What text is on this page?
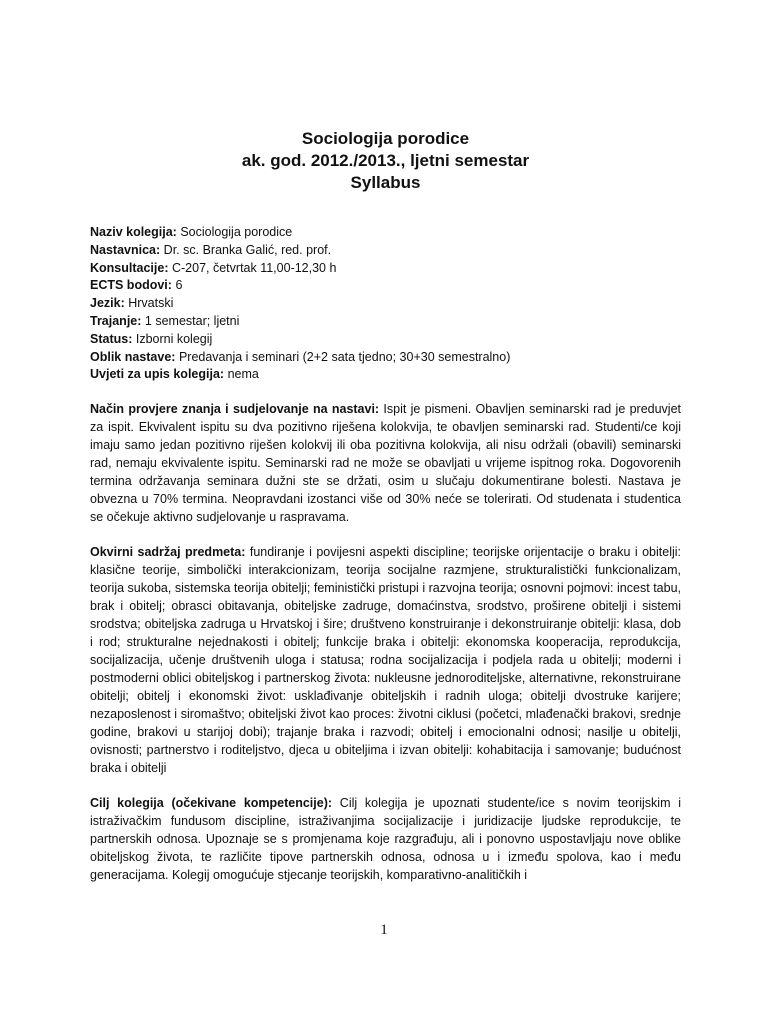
Sociologija porodice
ak. god. 2012./2013., ljetni semestar
Syllabus
Naziv kolegija: Sociologija porodice
Nastavnica: Dr. sc. Branka Galić, red. prof.
Konsultacije: C-207, četvrtak 11,00-12,30 h
ECTS bodovi: 6
Jezik: Hrvatski
Trajanje: 1 semestar; ljetni
Status: Izborni kolegij
Oblik nastave: Predavanja i seminari (2+2 sata tjedno; 30+30 semestralno)
Uvjeti za upis kolegija: nema

Način provjere znanja i sudjelovanje na nastavi: Ispit je pismeni. Obavljen seminarski rad je preduvjet za ispit. Ekvivalent ispitu su dva pozitivno riješena kolokvija, te obavljen seminarski rad. Studenti/ce koji imaju samo jedan pozitivno riješen kolokvij ili oba pozitivna kolokvija, ali nisu održali (obavili) seminarski rad, nemaju ekvivalente ispitu. Seminarski rad ne može se obavljati u vrijeme ispitnog roka. Dogovorenih termina održavanja seminara dužni ste se držati, osim u slučaju dokumentirane bolesti. Nastava je obvezna u 70% termina. Neopravdani izostanci više od 30% neće se tolerirati. Od studenata i studentica se očekuje aktivno sudjelovanje u raspravama.

Okvirni sadržaj predmeta: fundiranje i povijesni aspekti discipline; teorijske orijentacije o braku i obitelji: klasične teorije, simbolički interakcionizam, teorija socijalne razmjene, strukturalistički funkcionalizam, teorija sukoba, sistemska teorija obitelji; feministički pristupi i razvojna teorija; osnovni pojmovi: incest tabu, brak i obitelj; obrasci obitavanja, obiteljske zadruge, domaćinstva, srodstvo, proširene obitelji i sistemi srodstva; obiteljska zadruga u Hrvatskoj i šire; društveno konstruiranje i dekonstruiranje obitelji: klasa, dob i rod; strukturalne nejednakosti i obitelj; funkcije braka i obitelji: ekonomska kooperacija, reprodukcija, socijalizacija, učenje društvenih uloga i statusa; rodna socijalizacija i podjela rada u obitelji; moderni i postmoderni oblici obiteljskog i partnerskog života: nukleusne jednoroditeljske, alternativne, rekonstruirane obitelji; obitelj i ekonomski život: usklađivanje obiteljskih i radnih uloga; obitelji dvostruke karijere; nezaposlenost i siromaštvo; obiteljski život kao proces: životni ciklusi (početci, mlađenački brakovi, srednje godine, brakovi u starijoj dobi); trajanje braka i razvodi; obitelj i emocionalni odnosi; nasilje u obitelji, ovisnosti; partnerstvo i roditeljstvo, djeca u obiteljima i izvan obitelji: kohabitacija i samovanje; budućnost braka i obitelji

Cilj kolegija (očekivane kompetencije): Cilj kolegija je upoznati studente/ice s novim teorijskim i istraživačkim fundusom discipline, istraživanjima socijalizacije i juridizacije ljudske reprodukcije, te partnerskih odnosa. Upoznaje se s promjenama koje razgrađuju, ali i ponovno uspostavljaju nove oblike obiteljskog života, te različite tipove partnerskih odnosa, odnosa u i između spolova, kao i među generacijama. Kolegij omogućuje stjecanje teorijskih, komparativno-analitičkih i

1
